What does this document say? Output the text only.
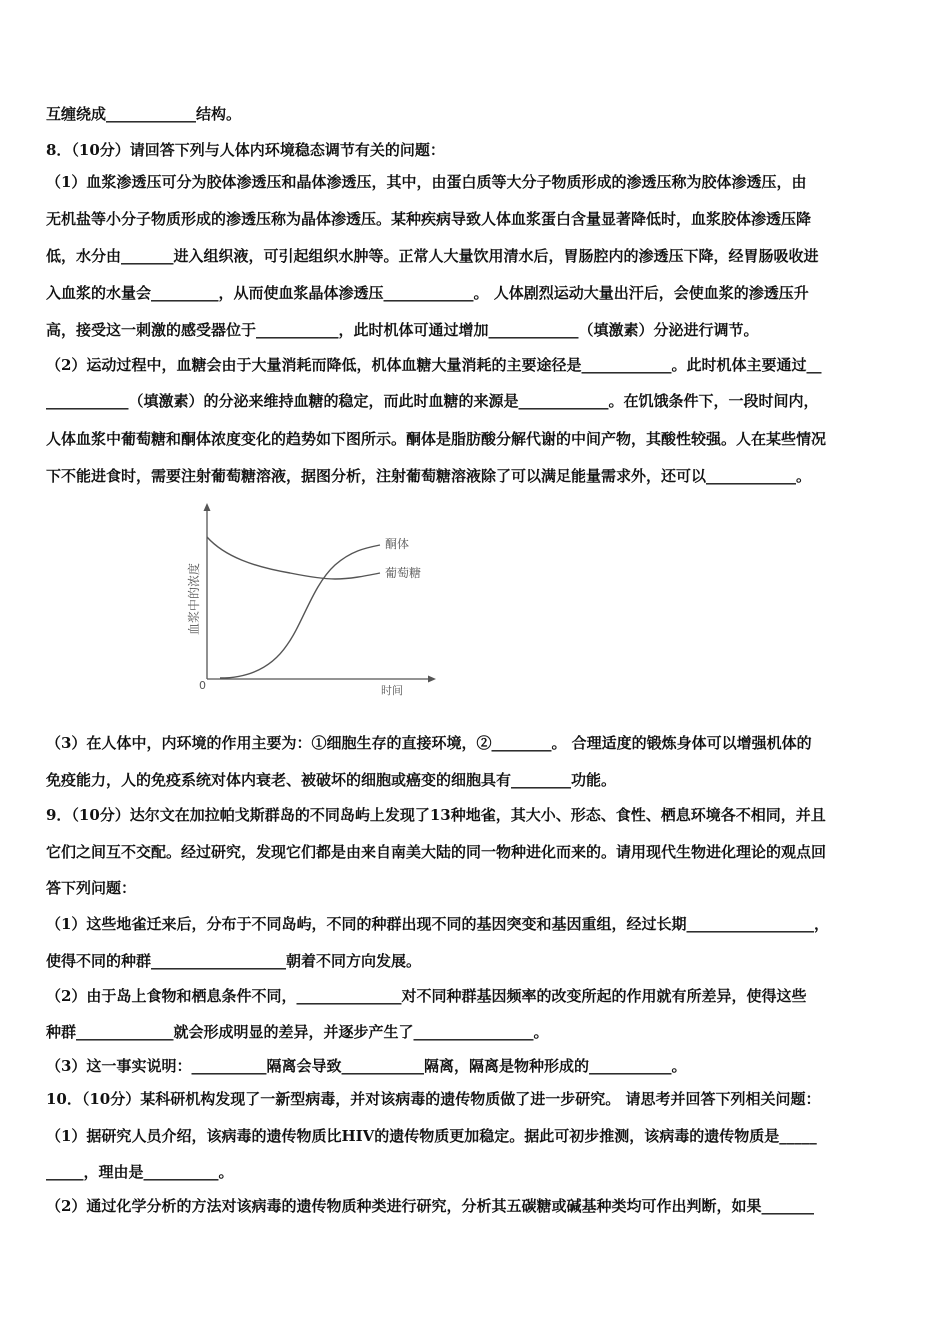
互缠绕成____________结构。
8．（10分）请回答下列与人体内环境稳态调节有关的问题：
（1）血浆渗透压可分为胶体渗透压和晶体渗透压，其中，由蛋白质等大分子物质形成的渗透压称为胶体渗透压，由
无机盐等小分子物质形成的渗透压称为晶体渗透压。某种疾病导致人体血浆蛋白含量显著降低时，血浆胶体渗透压降
低，水分由_______进入组织液，可引起组织水肿等。正常人大量饮用清水后，胃肠腔内的渗透压下降，经胃肠吸收进
入血浆的水量会_________，从而使血浆晶体渗透压____________。 人体剧烈运动大量出汗后，会使血浆的渗透压升
高，接受这一刺激的感受器位于___________，此时机体可通过增加____________（填激素）分泌进行调节。
（2）运动过程中，血糖会由于大量消耗而降低，机体血糖大量消耗的主要途径是____________。此时机体主要通过__
___________（填激素）的分泌来维持血糖的稳定，而此时血糖的来源是____________。在饥饿条件下，一段时间内，
人体血浆中葡萄糖和酮体浓度变化的趋势如下图所示。酮体是脂肪酸分解代谢的中间产物，其酸性较强。人在某些情况
下不能进食时，需要注射葡萄糖溶液，据图分析，注射葡萄糖溶液除了可以满足能量需求外，还可以____________。
血浆中的浓度
时间
0
酮体
葡萄糖
（3）在人体中，内环境的作用主要为：①细胞生存的直接环境，②________。 合理适度的锻炼身体可以增强机体的
免疫能力，人的免疫系统对体内衰老、被破坏的细胞或癌变的细胞具有________功能。
9．（10分）达尔文在加拉帕戈斯群岛的不同岛屿上发现了13种地雀，其大小、形态、食性、栖息环境各不相同，并且
它们之间互不交配。经过研究，发现它们都是由来自南美大陆的同一物种进化而来的。请用现代生物进化理论的观点回
答下列问题：
（1）这些地雀迁来后，分布于不同岛屿，不同的种群出现不同的基因突变和基因重组，经过长期_________________，
使得不同的种群__________________朝着不同方向发展。
（2）由于岛上食物和栖息条件不同，______________对不同种群基因频率的改变所起的作用就有所差异，使得这些
种群_____________就会形成明显的差异，并逐步产生了________________。
（3）这一事实说明：__________隔离会导致___________隔离，隔离是物种形成的___________。
10．（10分）某科研机构发现了一新型病毒，并对该病毒的遗传物质做了进一步研究。 请思考并回答下列相关问题：
（1）据研究人员介绍，该病毒的遗传物质比HIV的遗传物质更加稳定。据此可初步推测，该病毒的遗传物质是_____
_____，理由是__________。
（2）通过化学分析的方法对该病毒的遗传物质种类进行研究，分析其五碳糖或碱基种类均可作出判断，如果_______
